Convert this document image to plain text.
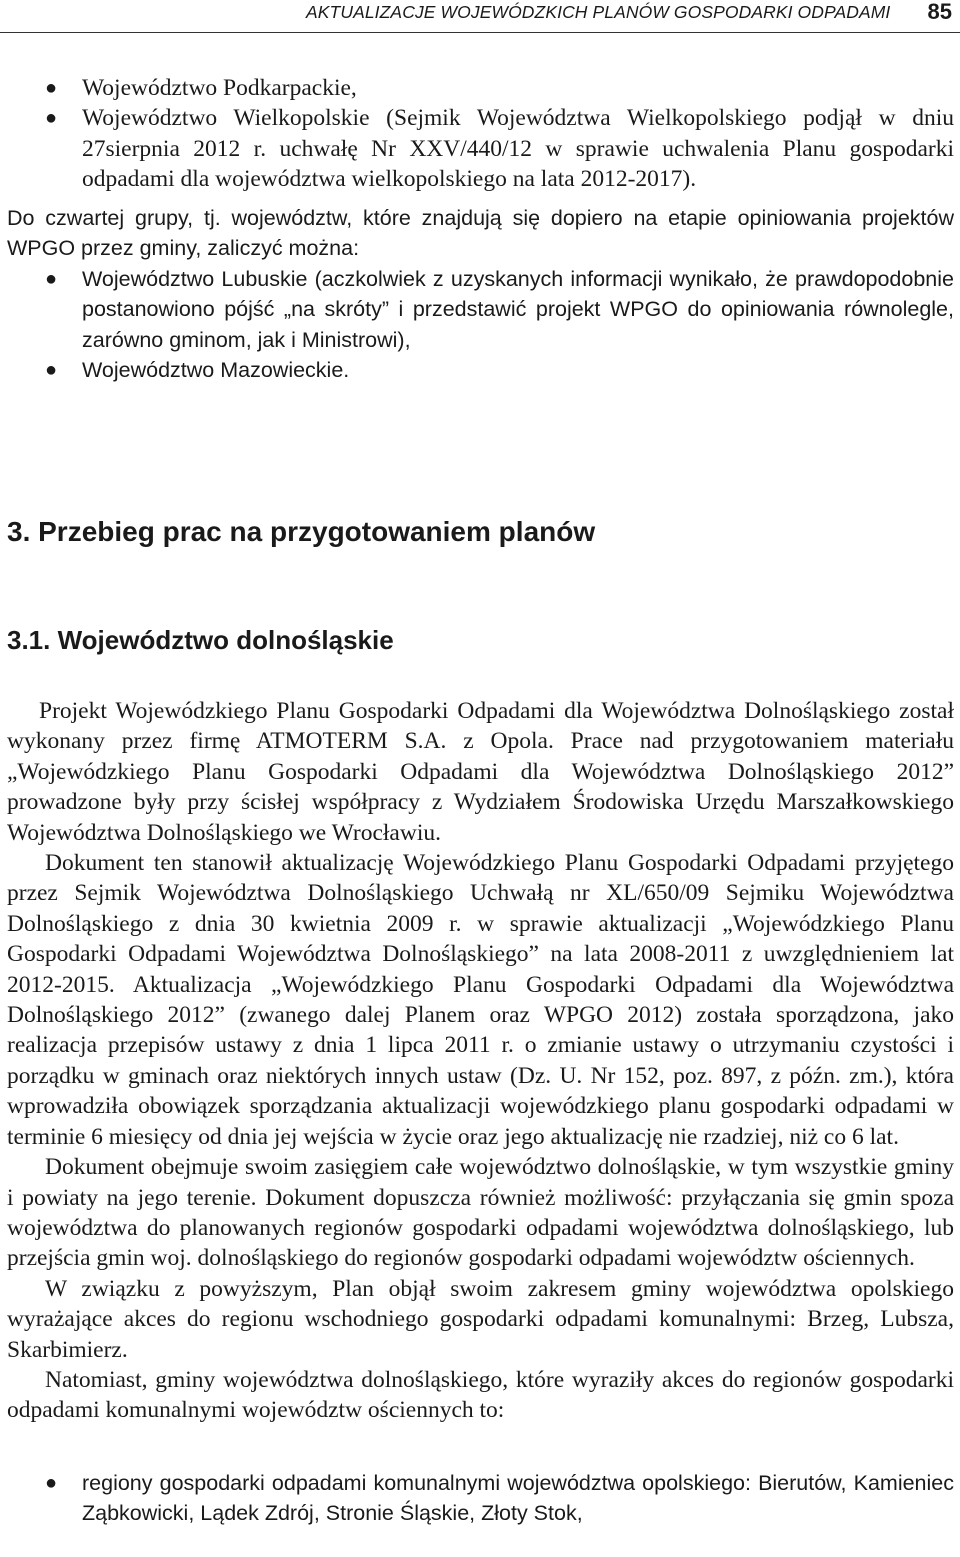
AKTUALIZACJE WOJEWÓDZKICH PLANÓW GOSPODARKI ODPADAMI 85
● Województwo Podkarpackie,
● Województwo Wielkopolskie (Sejmik Województwa Wielkopolskiego podjął w dniu 27sierpnia 2012 r. uchwałę Nr XXV/440/12 w sprawie uchwalenia Planu gospodarki odpadami dla województwa wielkopolskiego na lata 2012-2017).
Do czwartej grupy, tj. województw, które znajdują się dopiero na etapie opiniowania projektów WPGO przez gminy, zaliczyć można:
● Województwo Lubuskie (aczkolwiek z uzyskanych informacji wynikało, że prawdopodobnie postanowiono pójść „na skróty” i przedstawić projekt WPGO do opiniowania równolegle, zarówno gminom, jak i Ministrowi),
● Województwo Mazowieckie.
3. Przebieg prac na przygotowaniem planów
3.1. Województwo dolnośląskie

Projekt Wojewódzkiego Planu Gospodarki Odpadami dla Województwa Dolnośląskiego został wykonany przez firmę ATMOTERM S.A. z Opola. Prace nad przygotowaniem materiału „Wojewódzkiego Planu Gospodarki Odpadami dla Województwa Dolnośląskiego 2012” prowadzone były przy ścisłej współpracy z Wydziałem Środowiska Urzędu Marszałkowskiego Województwa Dolnośląskiego we Wrocławiu.

Dokument ten stanowił aktualizację Wojewódzkiego Planu Gospodarki Odpadami przyjętego przez Sejmik Województwa Dolnośląskiego Uchwałą nr XL/650/09 Sejmiku Województwa Dolnośląskiego z dnia 30 kwietnia 2009 r. w sprawie aktualizacji „Wojewódzkiego Planu Gospodarki Odpadami Województwa Dolnośląskiego” na lata 2008-2011 z uwzględnieniem lat 2012-2015. Aktualizacja „Wojewódzkiego Planu Gospodarki Odpadami dla Województwa Dolnośląskiego 2012” (zwanego dalej Planem oraz WPGO 2012) została sporządzona, jako realizacja przepisów ustawy z dnia 1 lipca 2011 r. o zmianie ustawy o utrzymaniu czystości i porządku w gminach oraz niektórych innych ustaw (Dz. U. Nr 152, poz. 897, z późn. zm.), która wprowadziła obowiązek sporządzania aktualizacji wojewódzkiego planu gospodarki odpadami w terminie 6 miesięcy od dnia jej wejścia w życie oraz jego aktualizację nie rzadziej, niż co 6 lat.

Dokument obejmuje swoim zasięgiem całe województwo dolnośląskie, w tym wszystkie gminy i powiaty na jego terenie. Dokument dopuszcza również możliwość: przyłączania się gmin spoza województwa do planowanych regionów gospodarki odpadami województwa dolnośląskiego, lub przejścia gmin woj. dolnośląskiego do regionów gospodarki odpadami województw ościennych.

W związku z powyższym, Plan objął swoim zakresem gminy województwa opolskiego wyrażające akces do regionu wschodniego gospodarki odpadami komunalnymi: Brzeg, Lubsza, Skarbimierz.

Natomiast, gminy województwa dolnośląskiego, które wyraziły akces do regionów gospodarki odpadami komunalnymi województw ościennych to:

● regiony gospodarki odpadami komunalnymi województwa opolskiego: Bierutów, Kamieniec Ząbkowicki, Lądek Zdrój, Stronie Śląskie, Złoty Stok,
